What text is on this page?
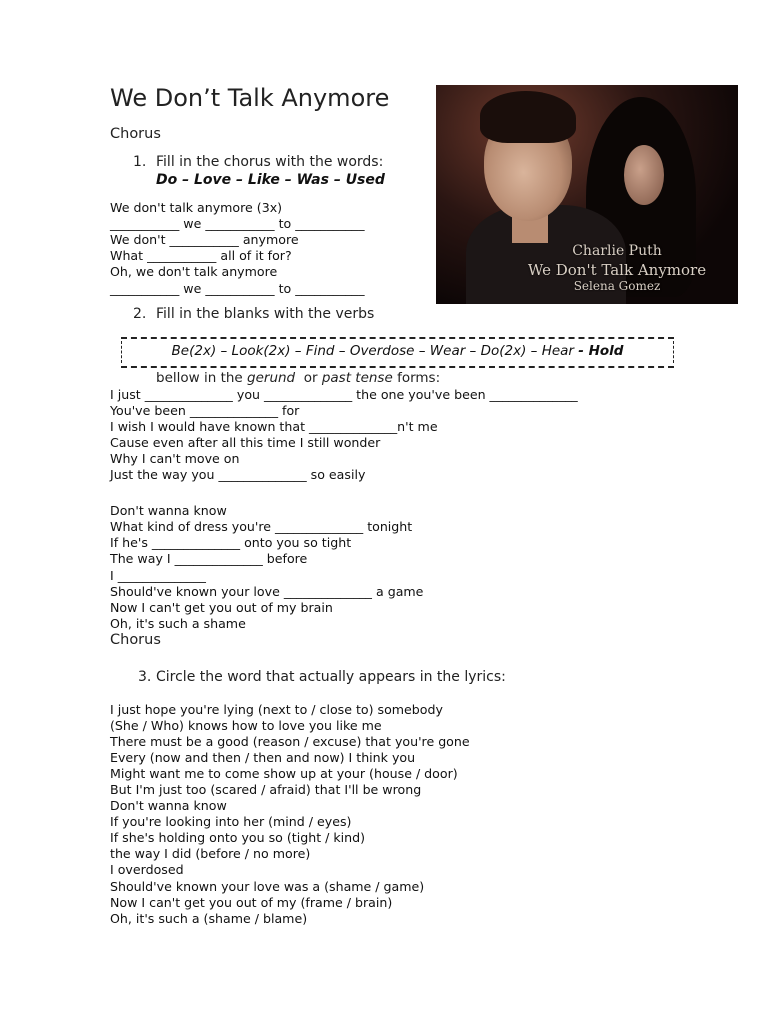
We Don’t Talk Anymore
Chorus
1. Fill in the chorus with the words:
Do – Love – Like – Was – Used
Charlie Puth
We Don't Talk Anymore
Selena Gomez
We don't talk anymore (3x)
___________ we ___________ to ___________
We don't ___________ anymore
What ___________ all of it for?
Oh, we don't talk anymore
___________ we ___________ to ___________
2. Fill in the blanks with the verbs
Be(2x) – Look(2x) – Find – Overdose – Wear – Do(2x) – Hear - Hold
bellow in the gerund  or past tense forms:
I just ______________ you ______________ the one you've been ______________
You've been ______________ for
I wish I would have known that ______________n't me
Cause even after all this time I still wonder
Why I can't move on
Just the way you ______________ so easily
Don't wanna know
What kind of dress you're ______________ tonight
If he's ______________ onto you so tight
The way I ______________ before
I ______________
Should've known your love ______________ a game
Now I can't get you out of my brain
Oh, it's such a shame
Chorus
3. Circle the word that actually appears in the lyrics:
I just hope you're lying (next to / close to) somebody
(She / Who) knows how to love you like me
There must be a good (reason / excuse) that you're gone
Every (now and then / then and now) I think you
Might want me to come show up at your (house / door)
But I'm just too (scared / afraid) that I'll be wrong
Don't wanna know
If you're looking into her (mind / eyes)
If she's holding onto you so (tight / kind)
the way I did (before / no more)
I overdosed
Should've known your love was a (shame / game)
Now I can't get you out of my (frame / brain)
Oh, it's such a (shame / blame)
